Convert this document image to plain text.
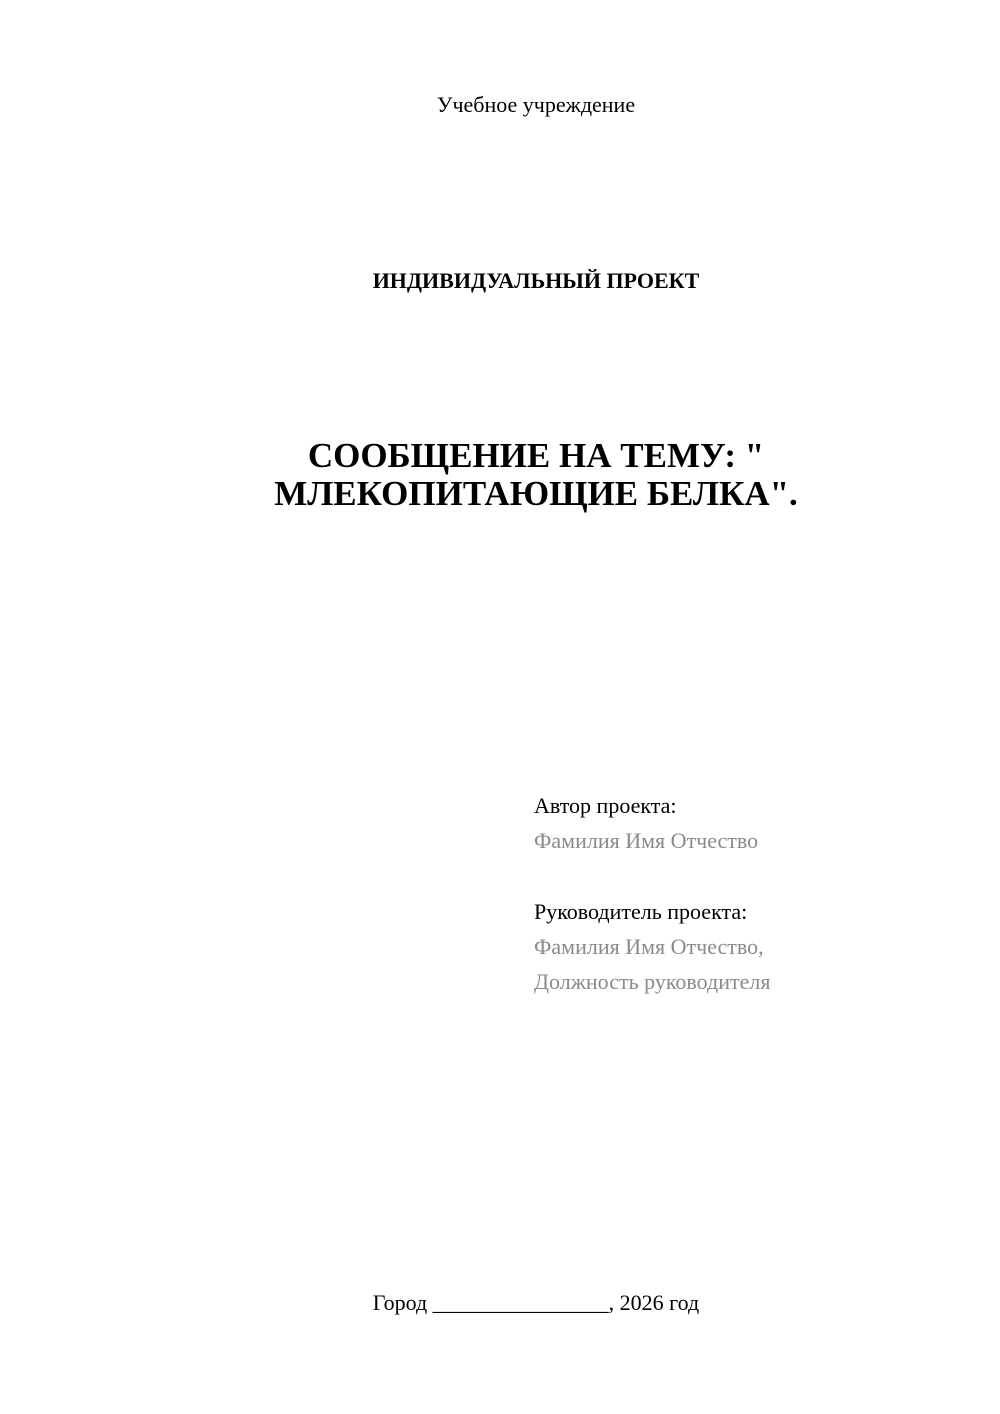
Учебное учреждение
ИНДИВИДУАЛЬНЫЙ ПРОЕКТ
СООБЩЕНИЕ НА ТЕМУ: "
МЛЕКОПИТАЮЩИЕ БЕЛКА".
Автор проекта:
Фамилия Имя Отчество
Руководитель проекта:
Фамилия Имя Отчество,
Должность руководителя
Город ________________, 2026 год
